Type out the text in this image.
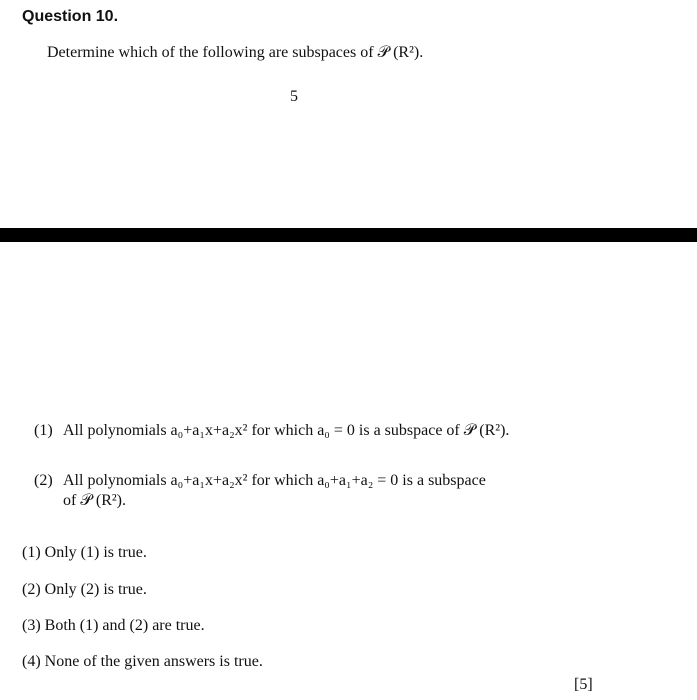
Question 10.
Determine which of the following are subspaces of 𝒫 (R²).
5
(1) All polynomials a₀+a₁x+a₂x² for which a₀ = 0 is a subspace of 𝒫 (R²).
(2) All polynomials a₀+a₁x+a₂x² for which a₀+a₁+a₂ = 0 is a subspace
of 𝒫 (R²).
(1) Only (1) is true.
(2) Only (2) is true.
(3) Both (1) and (2) are true.
(4) None of the given answers is true.
[5]
